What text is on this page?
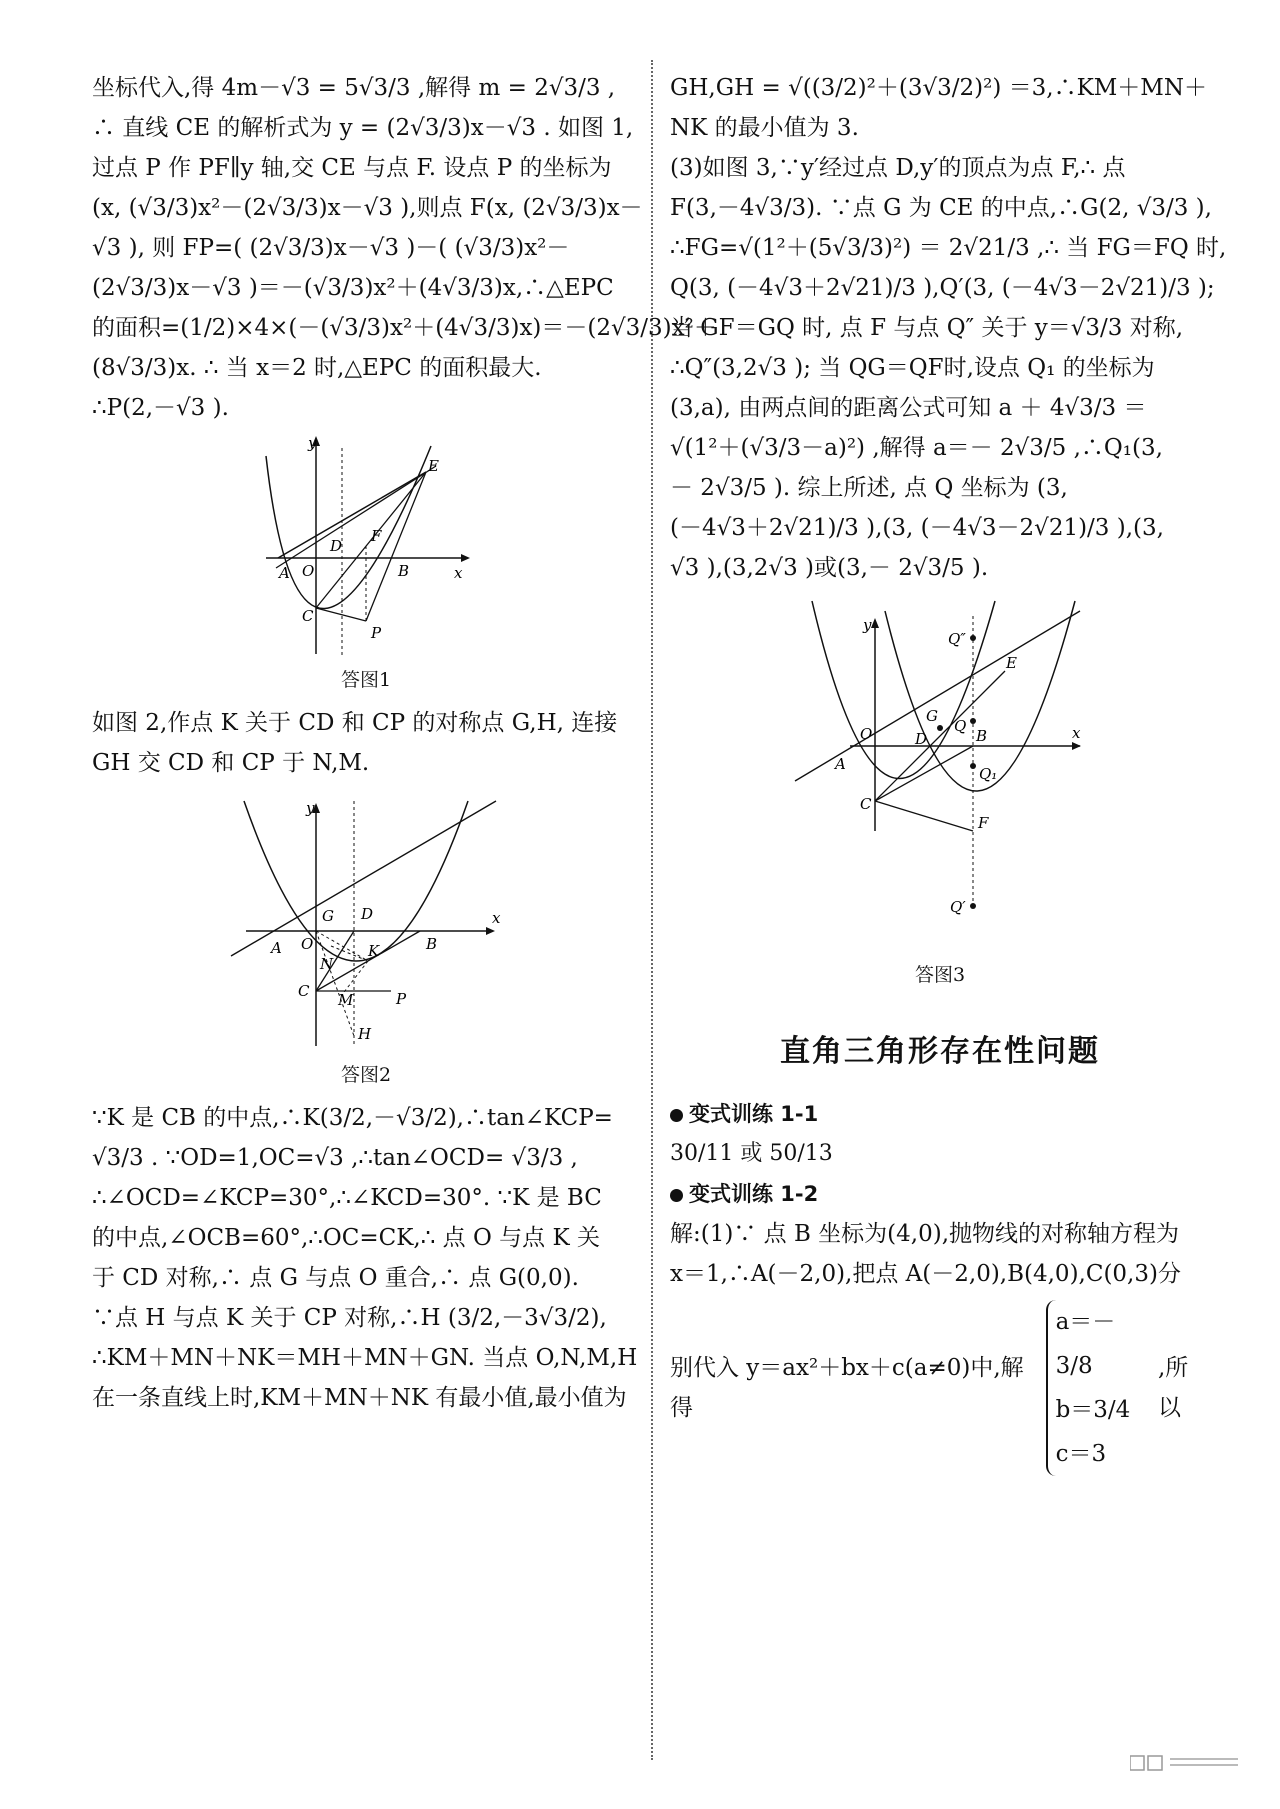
坐标代入,得 4m－√3 = 5√3/3 ,解得 m = 2√3/3 ,
∴ 直线 CE 的解析式为 y = (2√3/3)x－√3 . 如图 1,
过点 P 作 PF∥y 轴,交 CE 与点 F. 设点 P 的坐标为
(x, (√3/3)x²－(2√3/3)x－√3 ),则点 F(x, (2√3/3)x－
√3 ), 则 FP=( (2√3/3)x－√3 )－( (√3/3)x²－
(2√3/3)x－√3 )＝－(√3/3)x²＋(4√3/3)x,∴△EPC
的面积=(1/2)×4×(－(√3/3)x²＋(4√3/3)x)＝－(2√3/3)x²＋
(8√3/3)x. ∴ 当 x＝2 时,△EPC 的面积最大.
∴P(2,－√3 ).
y
x
O
A	B
C
D
E
F
P
答图1
如图 2,作点 K 关于 CD 和 CP 的对称点 G,H, 连接
GH 交 CD 和 CP 于 N,M.
y
x
O
A	B
C
D
G
K
N
M	P
H
答图2
∵K 是 CB 的中点,∴K(3/2,－√3/2),∴tan∠KCP=
√3/3 . ∵OD=1,OC=√3 ,∴tan∠OCD= √3/3 ,
∴∠OCD=∠KCP=30°,∴∠KCD=30°. ∵K 是 BC
的中点,∠OCB=60°,∴OC=CK,∴ 点 O 与点 K 关
于 CD 对称,∴ 点 G 与点 O 重合,∴ 点 G(0,0).
∵点 H 与点 K 关于 CP 对称,∴H (3/2,－3√3/2),
∴KM＋MN＋NK＝MH＋MN＋GN. 当点 O,N,M,H
在一条直线上时,KM＋MN＋NK 有最小值,最小值为
GH,GH = √((3/2)²＋(3√3/2)²) ＝3,∴KM＋MN＋
NK 的最小值为 3.
(3)如图 3,∵y′经过点 D,y′的顶点为点 F,∴ 点
F(3,－4√3/3). ∵点 G 为 CE 的中点,∴G(2, √3/3 ),
∴FG=√(1²＋(5√3/3)²) ＝ 2√21/3 ,∴ 当 FG＝FQ 时,
Q(3, (－4√3＋2√21)/3 ),Q′(3, (－4√3－2√21)/3 );
当 GF＝GQ 时, 点 F 与点 Q″ 关于 y＝√3/3 对称,
∴Q″(3,2√3 ); 当 QG＝QF时,设点 Q₁ 的坐标为
(3,a), 由两点间的距离公式可知 a ＋ 4√3/3 ＝
√(1²＋(√3/3－a)²) ,解得 a＝－ 2√3/5 ,∴Q₁(3,
－ 2√3/5 ). 综上所述, 点 Q 坐标为 (3,
(－4√3＋2√21)/3 ),(3, (－4√3－2√21)/3 ),(3,
√3 ),(3,2√3 )或(3,－ 2√3/5 ).
y
x
O
A
B
C
D
E
F
G
Q
Q″
Q₁
Q′
答图3
直角三角形存在性问题
变式训练 1-1
30/11 或 50/13
变式训练 1-2
解:(1)∵ 点 B 坐标为(4,0),抛物线的对称轴方程为
x＝1,∴A(－2,0),把点 A(－2,0),B(4,0),C(0,3)分
别代入 y＝ax²＋bx＋c(a≠0)中,解得
a＝－3/8
b＝3/4
c＝3
,所以
